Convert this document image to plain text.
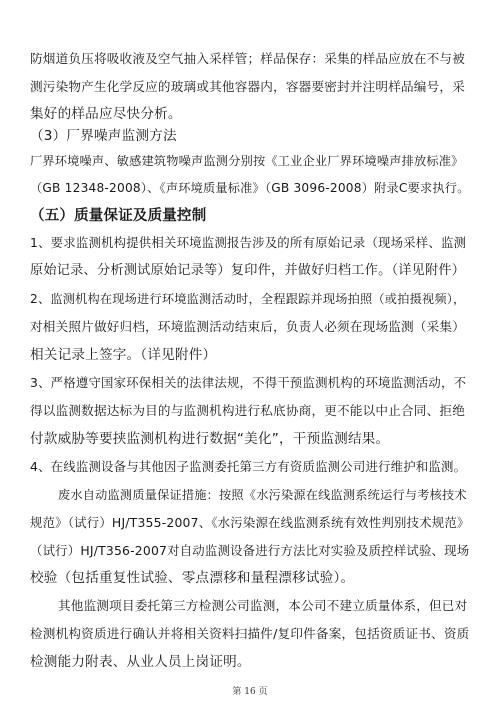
防烟道负压将吸收液及空气抽入采样管；样品保存：采集的样品应放在不与被
测污染物产生化学反应的玻璃或其他容器内，容器要密封并注明样品编号，采
集好的样品应尽快分析。
（3）厂界噪声监测方法
厂界环境噪声、敏感建筑物噪声监测分别按《工业企业厂界环境噪声排放标准》
（GB 12348-2008）、《声环境质量标准》（GB 3096-2008）附录C要求执行。
（五）质量保证及质量控制
1、要求监测机构提供相关环境监测报告涉及的所有原始记录（现场采样、监测
原始记录、分析测试原始记录等）复印件，并做好归档工作。（详见附件）
2、监测机构在现场进行环境监测活动时，全程跟踪并现场拍照（或拍摄视频），
对相关照片做好归档，环境监测活动结束后，负责人必须在现场监测（采集）
相关记录上签字。（详见附件）
3、严格遵守国家环保相关的法律法规，不得干预监测机构的环境监测活动，不
得以监测数据达标为目的与监测机构进行私底协商，更不能以中止合同、拒绝
付款威胁等要挟监测机构进行数据“美化”，干预监测结果。
4、在线监测设备与其他因子监测委托第三方有资质监测公司进行维护和监测。
废水自动监测质量保证措施：按照《水污染源在线监测系统运行与考核技术
规范》（试行）HJ/T355-2007、《水污染源在线监测系统有效性判别技术规范》
（试行）HJ/T356-2007对自动监测设备进行方法比对实验及质控样试验、现场
校验（包括重复性试验、零点漂移和量程漂移试验）。
其他监测项目委托第三方检测公司监测，本公司不建立质量体系，但已对
检测机构资质进行确认并将相关资料扫描件/复印件备案，包括资质证书、资质
检测能力附表、从业人员上岗证明。
第 16 页
